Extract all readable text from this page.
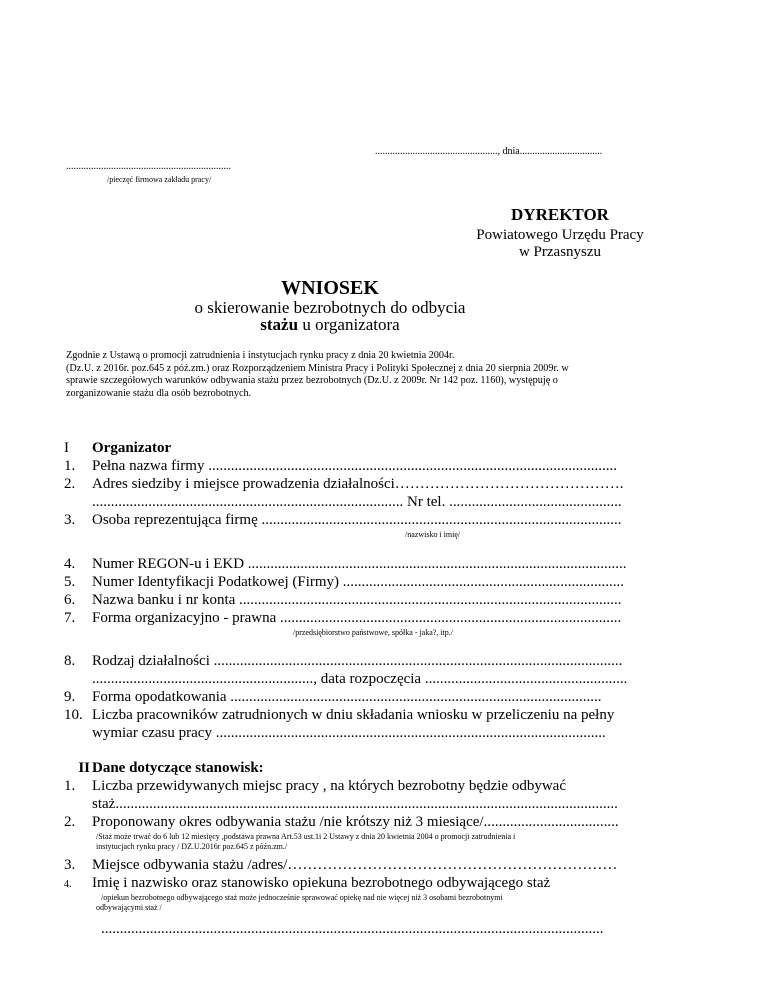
................................................., dnia.................................
..................................................................
/pieczęć firmowa zakładu pracy/
DYREKTOR
Powiatowego Urzędu Pracy
w Przasnyszu
WNIOSEK
o skierowanie bezrobotnych do odbycia
stażu u organizatora
Zgodnie z Ustawą o promocji zatrudnienia i instytucjach rynku pracy z dnia 20 kwietnia 2004r.
(Dz.U. z 2016r. poz.645 z póź.zm.) oraz Rozporządzeniem Ministra Pracy i Polityki Społecznej z dnia 20 sierpnia 2009r. w
sprawie szczegółowych warunków odbywania stażu przez bezrobotnych (Dz.U. z 2009r. Nr 142 poz. 1160), występuję o
zorganizowanie stażu dla osób bezrobotnych.
I Organizator
1. Pełna nazwa firmy .............................................................................................................
2. Adres siedziby i miejsce prowadzenia działalności……………………………………….
................................................................................... Nr tel. ..............................................
3. Osoba reprezentująca firmę ................................................................................................
/nazwisko i imię/
4. Numer REGON-u i EKD .....................................................................................................
5. Numer Identyfikacji Podatkowej (Firmy) ...........................................................................
6. Nazwa banku i nr konta ......................................................................................................
7. Forma organizacyjno - prawna ...........................................................................................
/przedsiębiorstwo państwowe, spółka - jaka?, itp./
8. Rodzaj działalności .............................................................................................................
..........................................................., data rozpoczęcia ......................................................
9. Forma opodatkowania ...................................................................................................
10. Liczba pracowników zatrudnionych w dniu składania wniosku w przeliczeniu na pełny
wymiar czasu pracy ........................................................................................................
II Dane dotyczące stanowisk:
1. Liczba przewidywanych miejsc pracy , na których bezrobotny będzie odbywać
staż......................................................................................................................................
2. Proponowany okres odbywania stażu /nie krótszy niż 3 miesiące/....................................
/Staż może trwać do 6 lub 12 miesięcy ,podstawa prawna Art.53 ust.1i 2 Ustawy z dnia 20 kwietnia 2004 o promocji zatrudnienia i
instytucjach rynku pracy / DZ.U.2016r poz.645 z późn.zm./
3. Miejsce odbywania stażu /adres/…………………………………………………………
4. Imię i nazwisko oraz stanowisko opiekuna bezrobotnego odbywającego staż
/opiekun bezrobotnego odbywającego staż może jednocześnie sprawować opiekę nad nie więcej niż 3 osobami bezrobotnymi
odbywającymi staż /
......................................................................................................................................
